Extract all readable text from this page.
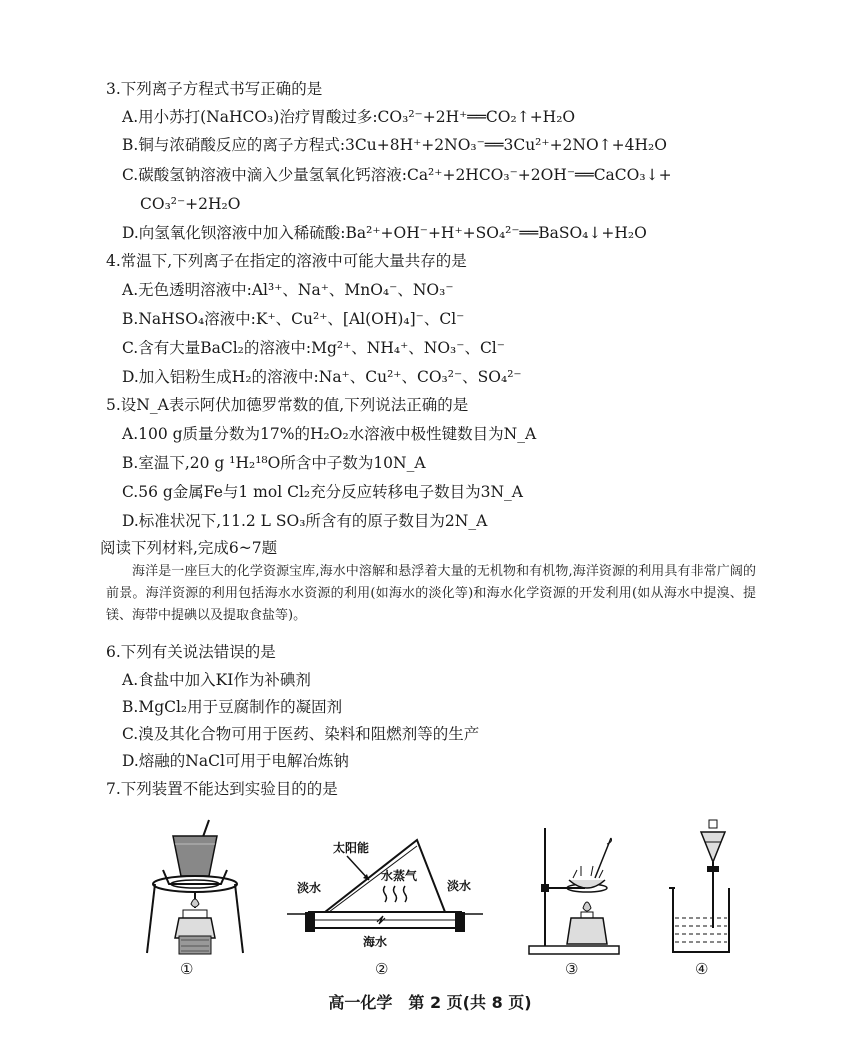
3.下列离子方程式书写正确的是
A.用小苏打(NaHCO₃)治疗胃酸过多:CO₃²⁻+2H⁺══CO₂↑+H₂O
B.铜与浓硝酸反应的离子方程式:3Cu+8H⁺+2NO₃⁻══3Cu²⁺+2NO↑+4H₂O
C.碳酸氢钠溶液中滴入少量氢氧化钙溶液:Ca²⁺+2HCO₃⁻+2OH⁻══CaCO₃↓+
CO₃²⁻+2H₂O
D.向氢氧化钡溶液中加入稀硫酸:Ba²⁺+OH⁻+H⁺+SO₄²⁻══BaSO₄↓+H₂O
4.常温下,下列离子在指定的溶液中可能大量共存的是
A.无色透明溶液中:Al³⁺、Na⁺、MnO₄⁻、NO₃⁻
B.NaHSO₄溶液中:K⁺、Cu²⁺、[Al(OH)₄]⁻、Cl⁻
C.含有大量BaCl₂的溶液中:Mg²⁺、NH₄⁺、NO₃⁻、Cl⁻
D.加入铝粉生成H₂的溶液中:Na⁺、Cu²⁺、CO₃²⁻、SO₄²⁻
5.设N_A表示阿伏加德罗常数的值,下列说法正确的是
A.100 g质量分数为17%的H₂O₂水溶液中极性键数目为N_A
B.室温下,20 g ¹H₂¹⁸O所含中子数为10N_A
C.56 g金属Fe与1 mol Cl₂充分反应转移电子数目为3N_A
D.标准状况下,11.2 L SO₃所含有的原子数目为2N_A
阅读下列材料,完成6~7题
海洋是一座巨大的化学资源宝库,海水中溶解和悬浮着大量的无机物和有机物,海洋资源的利用具有非常广阔的前景。海洋资源的利用包括海水水资源的利用(如海水的淡化等)和海水化学资源的开发利用(如从海水中提溴、提镁、海带中提碘以及提取食盐等)。
6.下列有关说法错误的是
A.食盐中加入KI作为补碘剂
B.MgCl₂用于豆腐制作的凝固剂
C.溴及其化合物可用于医药、染料和阻燃剂等的生产
D.熔融的NaCl可用于电解冶炼钠
7.下列装置不能达到实验目的的是
①
太阳能
淡水
水蒸气
淡水
海水
②	③	④
高一化学　第 2 页(共 8 页)
